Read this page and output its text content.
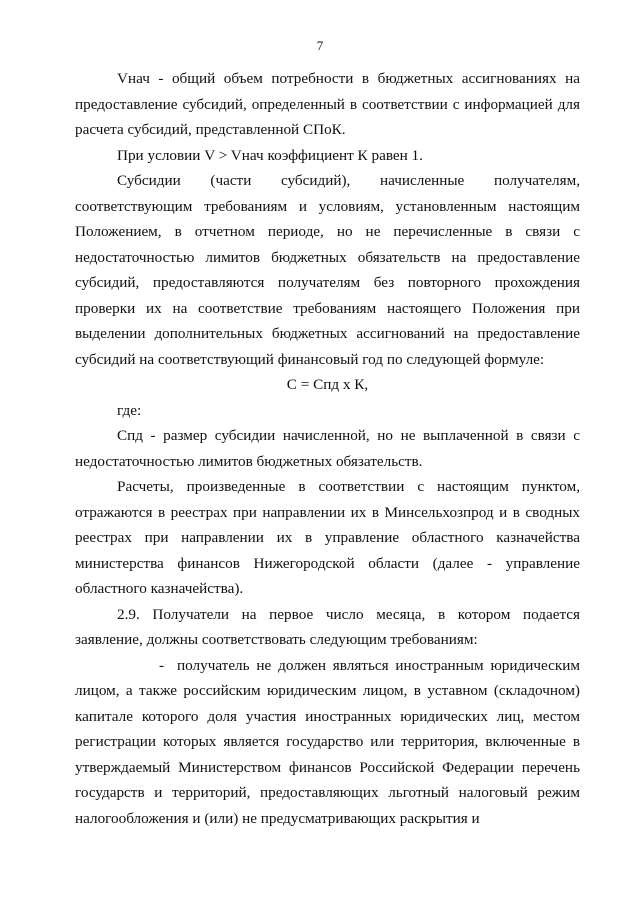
7

Vнач - общий объем потребности в бюджетных ассигнованиях на предоставление субсидий, определенный в соответствии с информацией для расчета субсидий, представленной СПоК.

При условии V > Vнач коэффициент К равен 1.

Субсидии (части субсидий), начисленные получателям, соответствующим требованиям и условиям, установленным настоящим Положением, в отчетном периоде, но не перечисленные в связи с недостаточностью лимитов бюджетных обязательств на предоставление субсидий, предоставляются получателям без повторного прохождения проверки их на соответствие требованиям настоящего Положения при выделении дополнительных бюджетных ассигнований на предоставление субсидий на соответствующий финансовый год по следующей формуле:

С = Спд x К,

где:

Спд - размер субсидии начисленной, но не выплаченной в связи с недостаточностью лимитов бюджетных обязательств.

Расчеты, произведенные в соответствии с настоящим пунктом, отражаются в реестрах при направлении их в Минсельхозпрод и в сводных реестрах при направлении их в управление областного казначейства министерства финансов Нижегородской области (далее - управление областного казначейства).

2.9. Получатели на первое число месяца, в котором подается заявление, должны соответствовать следующим требованиям:

- получатель не должен являться иностранным юридическим лицом, а также российским юридическим лицом, в уставном (складочном) капитале которого доля участия иностранных юридических лиц, местом регистрации которых является государство или территория, включенные в утверждаемый Министерством финансов Российской Федерации перечень государств и территорий, предоставляющих льготный налоговый режим налогообложения и (или) не предусматривающих раскрытия и
